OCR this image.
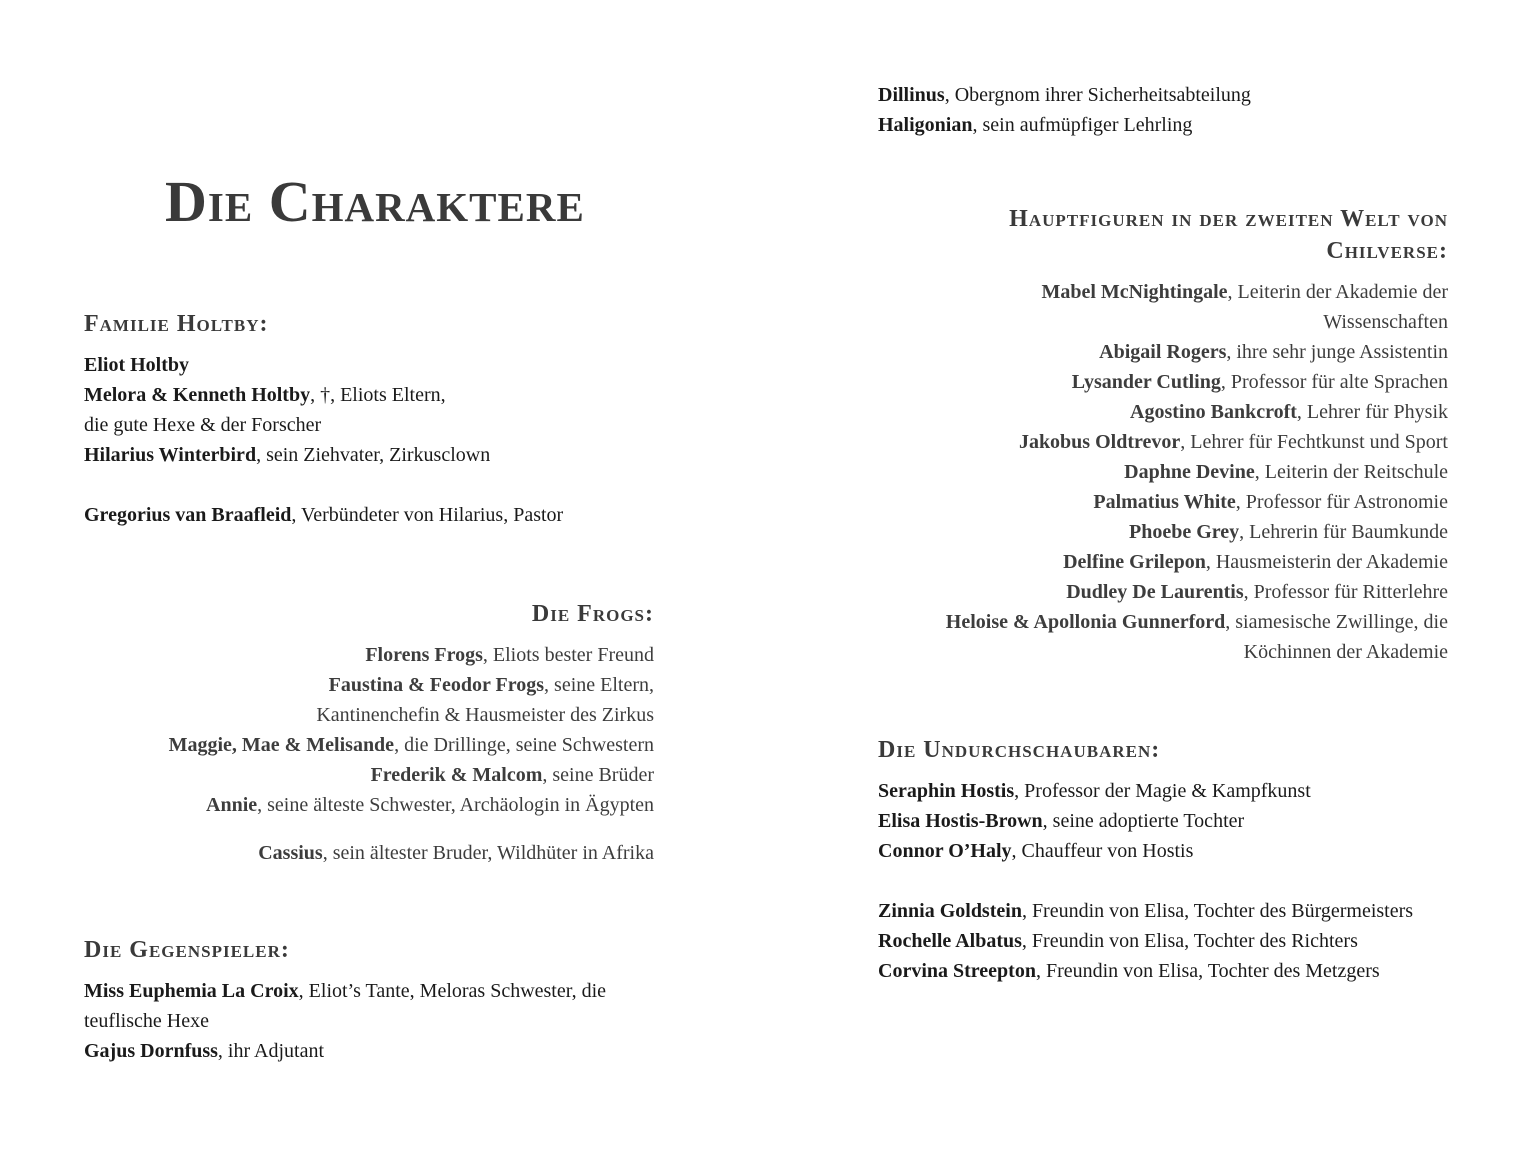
Die Charaktere
Familie Holtby:
Eliot Holtby
Melora & Kenneth Holtby, †, Eliots Eltern,
die gute Hexe & der Forscher
Hilarius Winterbird, sein Ziehvater, Zirkusclown
Gregorius van Braafleid, Verbündeter von Hilarius, Pastor
Die Frogs:
Florens Frogs, Eliots bester Freund
Faustina & Feodor Frogs, seine Eltern,
Kantinenchefin & Hausmeister des Zirkus
Maggie, Mae & Melisande, die Drillinge, seine Schwestern
Frederik & Malcom, seine Brüder
Annie, seine älteste Schwester, Archäologin in Ägypten
Cassius, sein ältester Bruder, Wildhüter in Afrika
Die Gegenspieler:
Miss Euphemia La Croix, Eliot’s Tante, Meloras Schwester, die
teuflische Hexe
Gajus Dornfuss, ihr Adjutant
Dillinus, Obergnom ihrer Sicherheitsabteilung
Haligonian, sein aufmüpfiger Lehrling
Hauptfiguren in der zweiten Welt von
Chilverse:
Mabel McNightingale, Leiterin der Akademie der
Wissenschaften
Abigail Rogers, ihre sehr junge Assistentin
Lysander Cutling, Professor für alte Sprachen
Agostino Bankcroft, Lehrer für Physik
Jakobus Oldtrevor, Lehrer für Fechtkunst und Sport
Daphne Devine, Leiterin der Reitschule
Palmatius White, Professor für Astronomie
Phoebe Grey, Lehrerin für Baumkunde
Delfine Grilepon, Hausmeisterin der Akademie
Dudley De Laurentis, Professor für Ritterlehre
Heloise & Apollonia Gunnerford, siamesische Zwillinge, die
Köchinnen der Akademie
Die Undurchschaubaren:
Seraphin Hostis, Professor der Magie & Kampfkunst
Elisa Hostis-Brown, seine adoptierte Tochter
Connor O’Haly, Chauffeur von Hostis
Zinnia Goldstein, Freundin von Elisa, Tochter des Bürgermeisters
Rochelle Albatus, Freundin von Elisa, Tochter des Richters
Corvina Streepton, Freundin von Elisa, Tochter des Metzgers
